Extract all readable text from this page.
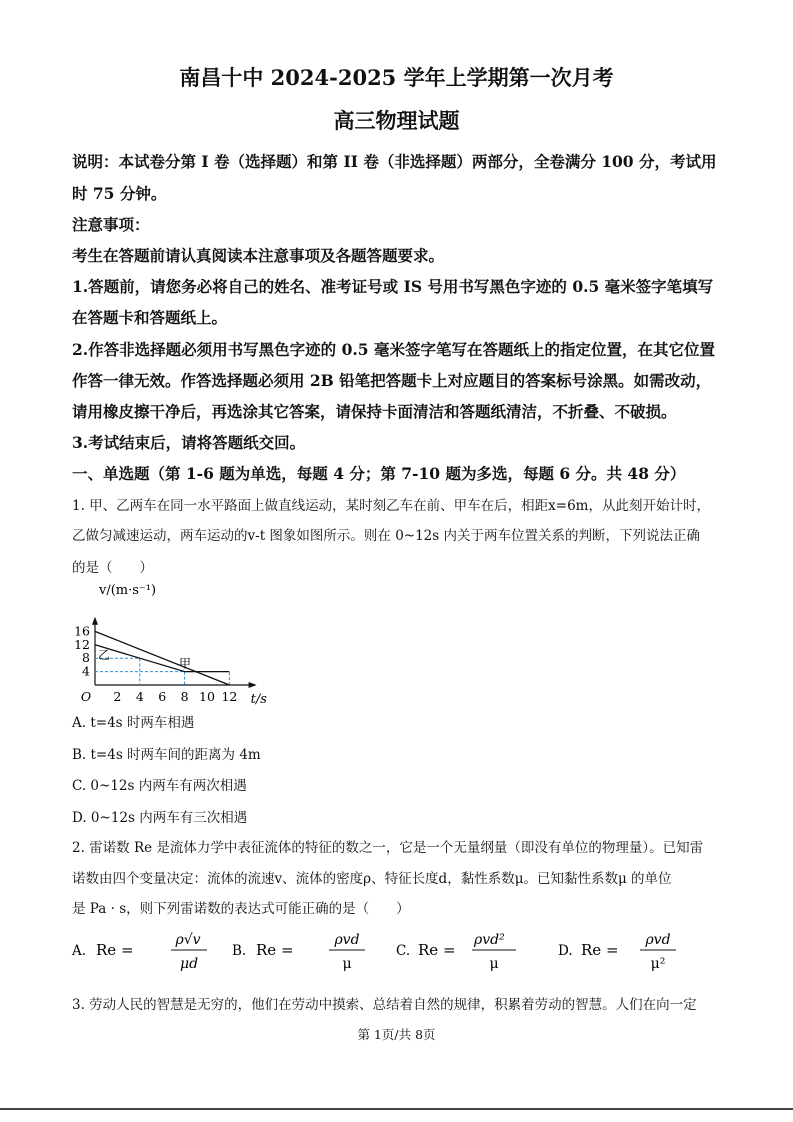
南昌十中 2024-2025 学年上学期第一次月考

高三物理试题

说明：本试卷分第 I 卷（选择题）和第 II 卷（非选择题）两部分，全卷满分 100 分，考试用

时 75 分钟。

注意事项：

考生在答题前请认真阅读本注意事项及各题答题要求。

1.答题前，请您务必将自己的姓名、准考证号或 IS 号用书写黑色字迹的 0.5 毫米签字笔填写

在答题卡和答题纸上。

2.作答非选择题必须用书写黑色字迹的 0.5 毫米签字笔写在答题纸上的指定位置，在其它位置

作答一律无效。作答选择题必须用 2B 铅笔把答题卡上对应题目的答案标号涂黑。如需改动，

请用橡皮擦干净后，再选涂其它答案，请保持卡面清洁和答题纸清洁，不折叠、不破损。

3.考试结束后，请将答题纸交回。

一、单选题（第 1-6 题为单选，每题 4 分；第 7-10 题为多选，每题 6 分。共 48 分）

1. 甲、乙两车在同一水平路面上做直线运动，某时刻乙车在前、甲车在后，相距x=6m，从此刻开始计时，

乙做匀减速运动，两车运动的v-t 图象如图所示。则在 0~12s 内关于两车位置关系的判断，下列说法正确

的是（　　）

乙
甲
2 4 6 8 10 12
4
8
12
16
O
v/(m·s⁻¹)
t/s

A. t=4s 时两车相遇

B. t=4s 时两车间的距离为 4m

C. 0~12s 内两车有两次相遇

D. 0~12s 内两车有三次相遇

2. 雷诺数 Re 是流体力学中表征流体的特征的数之一，它是一个无量纲量（即没有单位的物理量）。已知雷

诺数由四个变量决定：流体的流速v、流体的密度ρ、特征长度d，黏性系数μ。已知黏性系数μ 的单位

是 Pa · s，则下列雷诺数的表达式可能正确的是（　　）

A. Re =
ρ√v
μd
B. Re =
ρvd
μ
C. Re =
ρvd²
μ
D. Re =
ρvd
μ²

3. 劳动人民的智慧是无穷的，他们在劳动中摸索、总结着自然的规律，积累着劳动的智慧。人们在向一定

第 1页/共 8页
